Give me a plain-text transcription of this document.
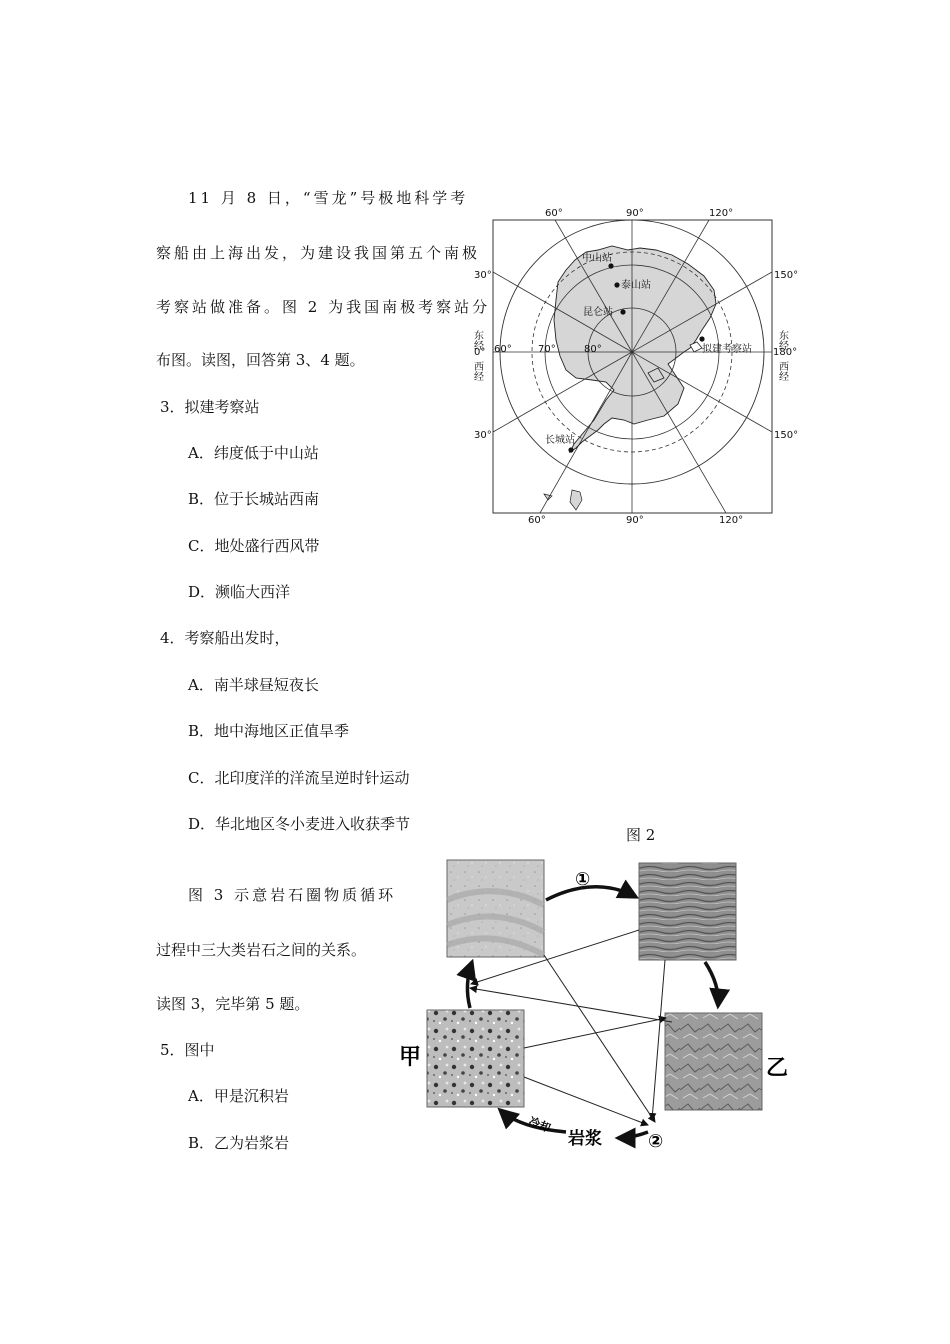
11 月 8 日，“雪龙”号极地科学考
察船由上海出发，为建设我国第五个南极
考察站做准备。图 2 为我国南极考察站分
布图。读图，回答第 3、4 题。
3．拟建考察站
A．纬度低于中山站
B．位于长城站西南
C．地处盛行西风带
D．濒临大西洋
4．考察船出发时，
A．南半球昼短夜长
B．地中海地区正值旱季
C．北印度洋的洋流呈逆时针运动
D．华北地区冬小麦进入收获季节
中山站
泰山站
昆仑站
拟建考察站
长城站
60°	90°	120°
60°	90°	120°
30°
30°
150°
150°
东经
0°
西经
东经
180°
西经
60°	70°	80°
图 2
图 3 示意岩石圈物质循环
过程中三大类岩石之间的关系。
读图 3，完毕第 5 题。
5．图中
A．甲是沉积岩
B．乙为岩浆岩
①
②
甲	乙
岩浆
冷却
